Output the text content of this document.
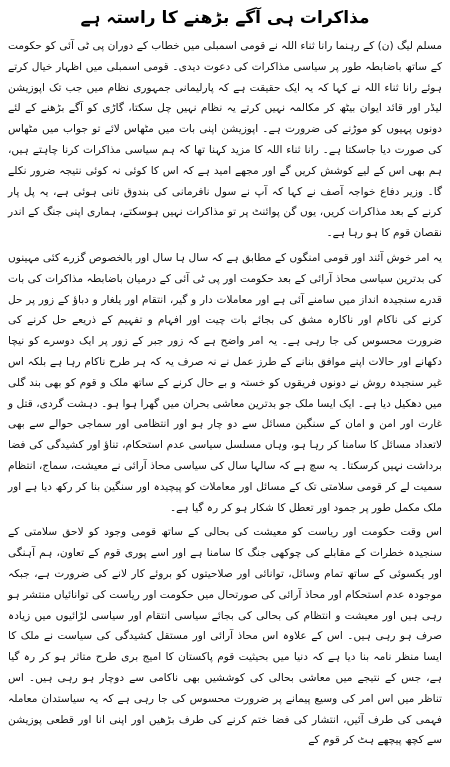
مذاکرات ہی آگے بڑھنے کا راستہ ہے

مسلم لیگ (ن) کے رہنما رانا ثناء اللہ نے قومی اسمبلی میں خطاب کے دوران پی ٹی آئی کو حکومت کے ساتھ باضابطہ طور پر سیاسی مذاکرات کی دعوت دیدی۔ قومی اسمبلی میں اظہار خیال کرتے ہوئے رانا ثناء اللہ نے کہا کہ یہ ایک حقیقت ہے کہ پارلیمانی جمہوری نظام میں جب تک اپوزیشن لیڈر اور قائد ایوان بیٹھ کر مکالمہ نہیں کرتے یہ نظام نہیں چل سکتا، گاڑی کو آگے بڑھنے کے لئے دونوں پہیوں کو موڑنے کی ضرورت ہے۔ اپوزیشن اپنی بات میں مٹھاس لائے تو جواب میں مٹھاس کی صورت دیا جاسکتا ہے۔ رانا ثناء اللہ کا مزید کہنا تھا کہ ہم سیاسی مذاکرات کرنا چاہتے ہیں، ہم بھی اس کے لیے کوشش کریں گے اور مجھے امید ہے کہ اس کا کوئی نہ کوئی نتیجہ ضرور نکلے گا۔ وزیر دفاع خواجہ آصف نے کہا کہ آپ نے سول نافرمانی کی بندوق تانی ہوئی ہے، یہ پل پار کرنے کے بعد مذاکرات کریں، یوں گن پوائنٹ پر تو مذاکرات نہیں ہوسکتے، ہماری اپنی جنگ کے اندر نقصان قوم کا ہو رہا ہے۔

یہ امر خوش آئند اور قومی امنگوں کے مطابق ہے کہ سال ہا سال اور بالخصوص گزرے کئی مہینوں کی بدترین سیاسی محاذ آرائی کے بعد حکومت اور پی ٹی آئی کے درمیان باضابطہ مذاکرات کی بات قدرے سنجیدہ انداز میں سامنے آئی ہے اور معاملات دار و گیر، انتقام اور یلغار و دباؤ کے زور پر حل کرنے کی ناکام اور ناکارہ مشق کی بجائے بات چیت اور افہام و تفہیم کے ذریعے حل کرنے کی ضرورت محسوس کی جا رہی ہے۔ یہ امر واضح ہے کہ زور جبر کے زور پر ایک دوسرے کو نیچا دکھانے اور حالات اپنے موافق بنانے کے طرز عمل نے نہ صرف یہ کہ ہر طرح ناکام رہا ہے بلکہ اس غیر سنجیدہ روش نے دونوں فریقوں کو خستہ و بے حال کرنے کے ساتھ ملک و قوم کو بھی بند گلی میں دھکیل دیا ہے۔ ایک ایسا ملک جو بدترین معاشی بحران میں گھرا ہوا ہو۔ دہشت گردی، قتل و غارت اور امن و امان کے سنگین مسائل سے دو چار ہو اور انتظامی اور سماجی حوالے سے بھی لاتعداد مسائل کا سامنا کر رہا ہو، وہاں مسلسل سیاسی عدم استحکام، تناؤ اور کشیدگی کی فضا برداشت نہیں کرسکتا۔ یہ سچ ہے کہ سالہا سال کی سیاسی محاذ آرائی نے معیشت، سماج، انتظام سمیت لے کر قومی سلامتی تک کے مسائل اور معاملات کو پیچیدہ اور سنگین بنا کر رکھ دیا ہے اور ملک مکمل طور پر جمود اور تعطل کا شکار ہو کر رہ گیا ہے۔

اس وقت حکومت اور ریاست کو معیشت کی بحالی کے ساتھ قومی وجود کو لاحق سلامتی کے سنجیدہ خطرات کے مقابلے کی چوکھی جنگ کا سامنا ہے اور اسے پوری قوم کے تعاون، ہم آہنگی اور یکسوئی کے ساتھ تمام وسائل، توانائی اور صلاحیتوں کو بروئے کار لانے کی ضرورت ہے، جبکہ موجودہ عدم استحکام اور محاذ آرائی کی صورتحال میں حکومت اور ریاست کی توانائیاں منتشر ہو رہی ہیں اور معیشت و انتظام کی بحالی کی بجائے سیاسی انتقام اور سیاسی لڑائیوں میں زیادہ صرف ہو رہی ہیں۔ اس کے علاوہ اس محاذ آرائی اور مستقل کشیدگی کی سیاست نے ملک کا ایسا منظر نامہ بنا دیا ہے کہ دنیا میں بحیثیت قوم پاکستان کا امیج بری طرح متاثر ہو کر رہ گیا ہے، جس کے نتیجے میں معاشی بحالی کی کوششیں بھی ناکامی سے دوچار ہو رہی ہیں۔ اس تناظر میں اس امر کی وسیع پیمانے پر ضرورت محسوس کی جا رہی ہے کہ یہ سیاستدان معاملہ فہمی کی طرف آئیں، انتشار کی فضا ختم کرنے کی طرف بڑھیں اور اپنی انا اور قطعی پوزیشن سے کچھ پیچھے ہٹ کر قوم کے
